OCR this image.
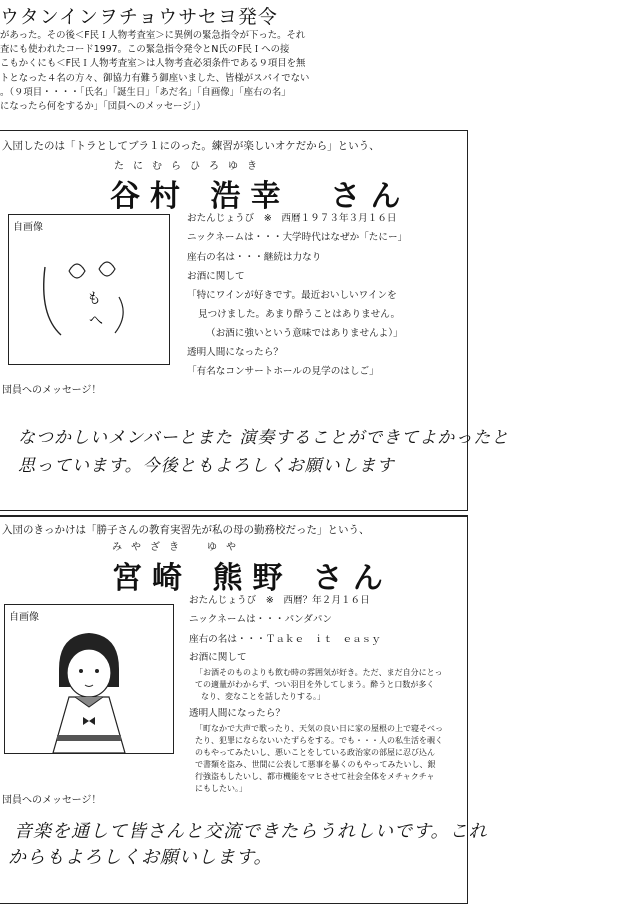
ウタンインヲチョウサセヨ発令
があった。その後＜F民Ｉ人物考査室＞に異例の緊急指令が下った。それ
査にも使われたコード1997。この緊急指令発令とN氏のF民Ｉへの接
こもかくにも＜F民Ｉ人物考査室＞は人物考査必須条件である９項目を無
トとなった４名の方々、御協力有難う御座いました、皆様がスパイでない
。（９項目・・・・「氏名」「誕生日」「あだ名」「自画像」「座右の名」
になったら何をするか」「団員へのメッセージ」）
入団したのは「トラとしてブラ１にのった。練習が楽しいオケだから」という、
たにむらひろゆき
谷村 浩幸　さん
自画像
も
へ
おたんじょうび　※　西暦１９７３年３月１６日
ニックネームは・・・大学時代はなぜか「たにー」
座右の名は・・・継続は力なり
お酒に関して
「特にワインが好きです。最近おいしいワインを
見つけました。あまり酔うことはありません。
（お酒に強いという意味ではありませんよ）」
透明人間になったら？
「有名なコンサートホールの見学のはしご」
団員へのメッセージ！
なつかしいメンバーとまた 演奏することができてよかったと
思っています。今後ともよろしくお願いします
入団のきっかけは「勝子さんの教育実習先が私の母の勤務校だった」という、
みやざき　ゆや
宮崎 熊野 さん
自画像
おたんじょうび　※　西暦？年２月１６日
ニックネームは・・・パンダパン
座右の名は・・・Ｔａｋｅ　ｉｔ　ｅａｓｙ
お酒に関して
「お酒そのものよりも飲む時の雰囲気が好き。ただ、まだ自分にとっ
ての適量がわからず、つい羽目を外してしまう。酔うと口数が多く
なり、変なことを話したりする。」
透明人間になったら？
「町なかで大声で歌ったり、天気の良い日に家の屋根の上で寝そべっ
たり、犯罪にならないいたずらをする。でも・・・人の私生活を覗く
のもやってみたいし、悪いことをしている政治家の部屋に忍び込ん
で書類を盗み、世間に公表して悪事を暴くのもやってみたいし、銀
行強盗もしたいし、都市機能をマヒさせて社会全体をメチャクチャ
にもしたい。」
団員へのメッセージ！
音楽を通して皆さんと交流できたらうれしいです。これ
からもよろしくお願いします。
